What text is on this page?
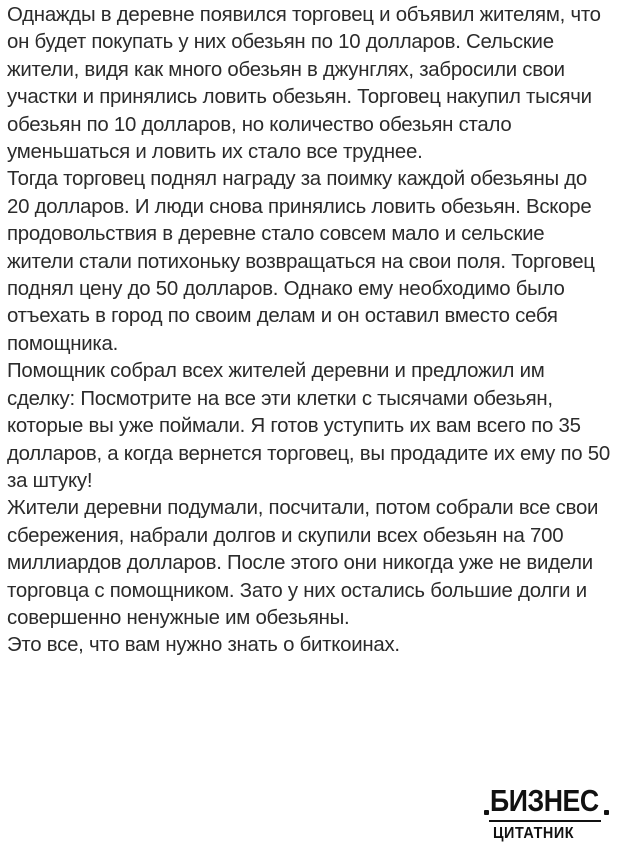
Однажды в деревне появился торговец и объявил жителям, что он будет покупать у них обезьян по 10 долларов. Сельские жители, видя как много обезьян в джунглях, забросили свои участки и принялись ловить обезьян. Торговец накупил тысячи обезьян по 10 долларов, но количество обезьян стало уменьшаться и ловить их стало все труднее.

Тогда торговец поднял награду за поимку каждой обезьяны до 20 долларов. И люди снова принялись ловить обезьян. Вскоре продовольствия в деревне стало совсем мало и сельские жители стали потихоньку возвращаться на свои поля. Торговец поднял цену до 50 долларов. Однако ему необходимо было отъехать в город по своим делам и он оставил вместо себя помощника.

Помощник собрал всех жителей деревни и предложил им сделку: Посмотрите на все эти клетки с тысячами обезьян, которые вы уже поймали. Я готов уступить их вам всего по 35 долларов, а когда вернется торговец, вы продадите их ему по 50 за штуку!

Жители деревни подумали, посчитали, потом собрали все свои сбережения, набрали долгов и скупили всех обезьян на 700 миллиардов долларов. После этого они никогда уже не видели торговца с помощником. Зато у них остались большие долги и совершенно ненужные им обезьяны.

Это все, что вам нужно знать о биткоинах.

БИЗНЕС
ЦИТАТНИК
